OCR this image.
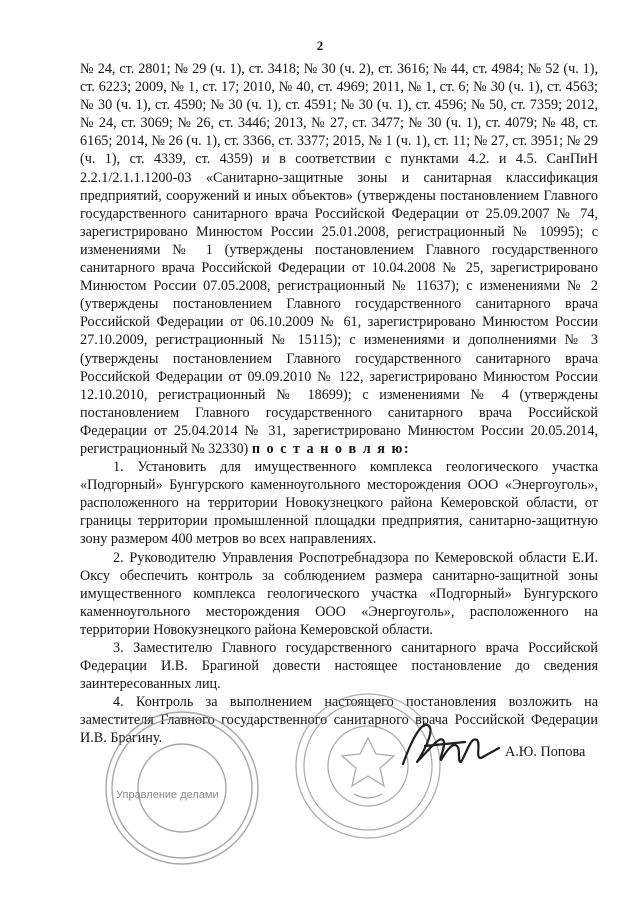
2

№ 24, ст. 2801; № 29 (ч. 1), ст. 3418; № 30 (ч. 2), ст. 3616; № 44, ст. 4984; № 52 (ч. 1), ст. 6223; 2009, № 1, ст. 17; 2010, № 40, ст. 4969; 2011, № 1, ст. 6; № 30 (ч. 1), ст. 4563; № 30 (ч. 1), ст. 4590; № 30 (ч. 1), ст. 4591; № 30 (ч. 1), ст. 4596; № 50, ст. 7359; 2012, № 24, ст. 3069; № 26, ст. 3446; 2013, № 27, ст. 3477; № 30 (ч. 1), ст. 4079; № 48, ст. 6165; 2014, № 26 (ч. 1), ст. 3366, ст. 3377; 2015, № 1 (ч. 1), ст. 11; № 27, ст. 3951; № 29 (ч. 1), ст. 4339, ст. 4359) и в соответствии с пунктами 4.2. и 4.5. СанПиН 2.2.1/2.1.1.1200-03 «Санитарно-защитные зоны и санитарная классификация предприятий, сооружений и иных объектов» (утверждены постановлением Главного государственного санитарного врача Российской Федерации от 25.09.2007 № 74, зарегистрировано Минюстом России 25.01.2008, регистрационный № 10995); с изменениями № 1 (утверждены постановлением Главного государственного санитарного врача Российской Федерации от 10.04.2008 № 25, зарегистрировано Минюстом России 07.05.2008, регистрационный № 11637); с изменениями № 2 (утверждены постановлением Главного государственного санитарного врача Российской Федерации от 06.10.2009 № 61, зарегистрировано Минюстом России 27.10.2009, регистрационный № 15115); с изменениями и дополнениями № 3 (утверждены постановлением Главного государственного санитарного врача Российской Федерации от 09.09.2010 № 122, зарегистрировано Минюстом России 12.10.2010, регистрационный № 18699); с изменениями № 4 (утверждены постановлением Главного государственного санитарного врача Российской Федерации от 25.04.2014 № 31, зарегистрировано Минюстом России 20.05.2014, регистрационный № 32330) п о с т а н о в л я ю:

1. Установить для имущественного комплекса геологического участка «Подгорный» Бунгурского каменноугольного месторождения ООО «Энергоуголь», расположенного на территории Новокузнецкого района Кемеровской области, от границы территории промышленной площадки предприятия, санитарно-защитную зону размером 400 метров во всех направлениях.

2. Руководителю Управления Роспотребнадзора по Кемеровской области Е.И. Оксу обеспечить контроль за соблюдением размера санитарно-защитной зоны имущественного комплекса геологического участка «Подгорный» Бунгурского каменноугольного месторождения ООО «Энергоуголь», расположенного на территории Новокузнецкого района Кемеровской области.

3. Заместителю Главного государственного санитарного врача Российской Федерации И.В. Брагиной довести настоящее постановление до сведения заинтересованных лиц.

4. Контроль за выполнением настоящего постановления возложить на заместителя Главного государственного санитарного врача Российской Федерации И.В. Брагину.

Управление делами
А.Ю. Попова
